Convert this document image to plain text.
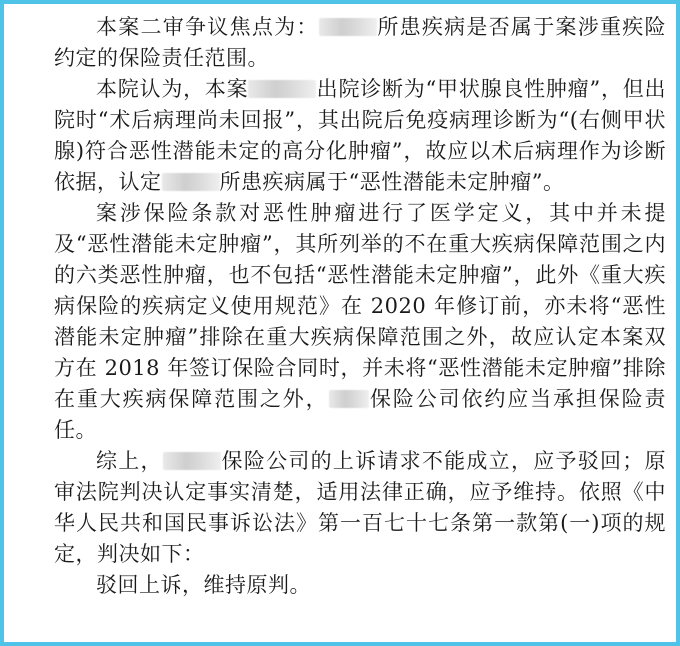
本案二审争议焦点为：	所患疾病是否属于案涉重疾险约定的保险责任范围。

本院认为，本案	出院诊断为“甲状腺良性肿瘤”，但出院时“术后病理尚未回报”，其出院后免疫病理诊断为“(右侧甲状腺)符合恶性潜能未定的高分化肿瘤”，故应以术后病理作为诊断依据，认定	所患疾病属于“恶性潜能未定肿瘤”。

案涉保险条款对恶性肿瘤进行了医学定义，其中并未提及“恶性潜能未定肿瘤”，其所列举的不在重大疾病保障范围之内的六类恶性肿瘤，也不包括“恶性潜能未定肿瘤”，此外《重大疾病保险的疾病定义使用规范》在 2020 年修订前，亦未将“恶性潜能未定肿瘤”排除在重大疾病保障范围之外，故应认定本案双方在 2018 年签订保险合同时，并未将“恶性潜能未定肿瘤”排除在重大疾病保障范围之外， 保险公司依约应当承担保险责任。

综上，	保险公司的上诉请求不能成立，应予驳回；原审法院判决认定事实清楚，适用法律正确，应予维持。依照《中华人民共和国民事诉讼法》第一百七十七条第一款第(一)项的规定，判决如下：

驳回上诉，维持原判。
